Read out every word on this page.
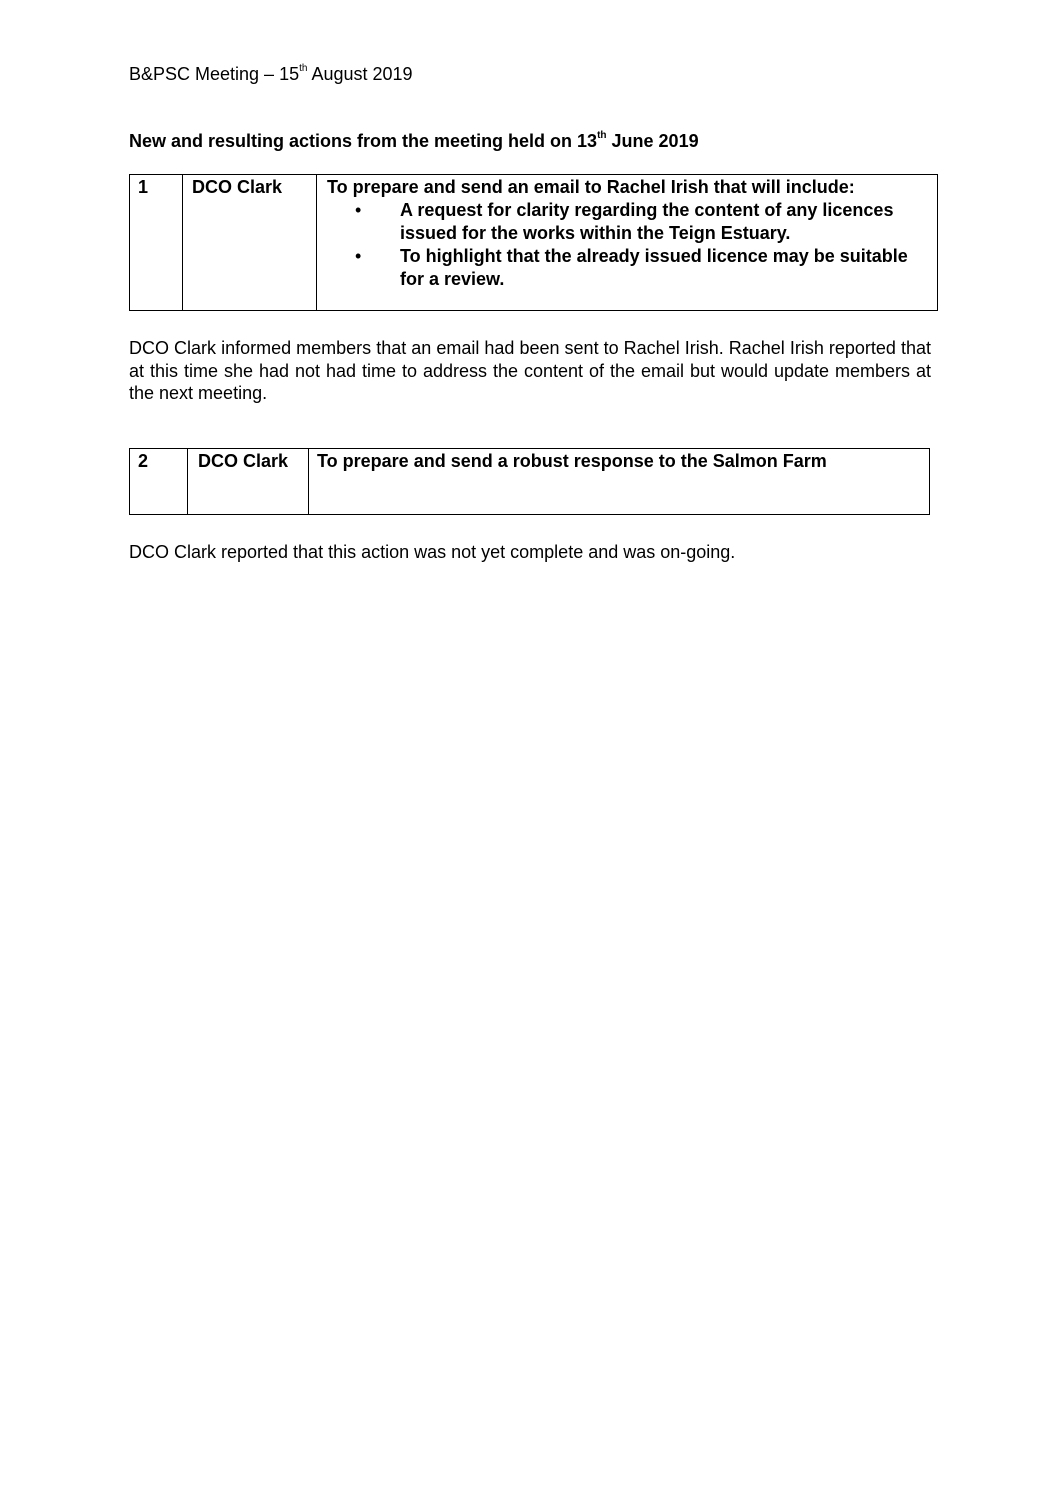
B&PSC Meeting – 15th August 2019
New and resulting actions from the meeting held on 13th June 2019
1	DCO Clark	To prepare and send an email to Rachel Irish that will include:
• A request for clarity regarding the content of any licences issued for the works within the Teign Estuary.
• To highlight that the already issued licence may be suitable for a review.
DCO Clark informed members that an email had been sent to Rachel Irish. Rachel Irish reported that at this time she had not had time to address the content of the email but would update members at the next meeting.
2	DCO Clark	To prepare and send a robust response to the Salmon Farm
DCO Clark reported that this action was not yet complete and was on-going.
